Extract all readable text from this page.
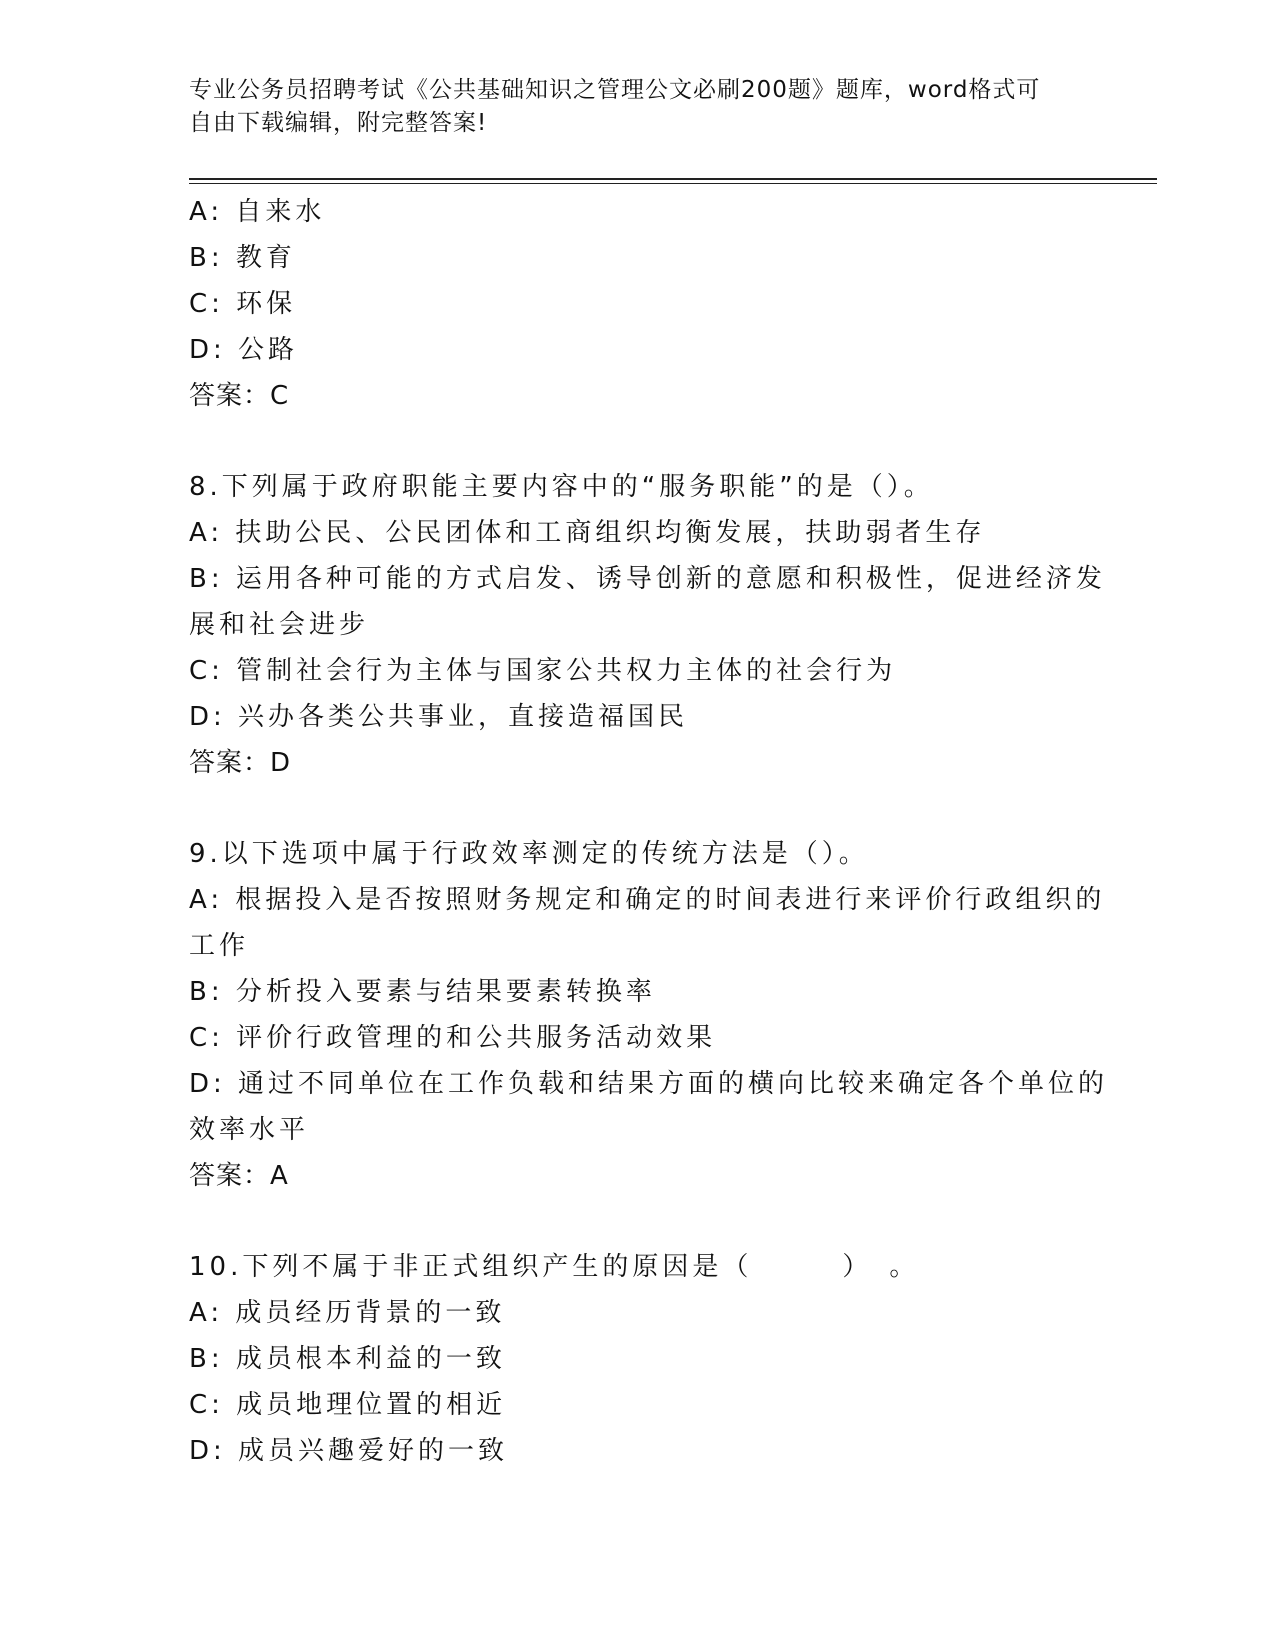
专业公务员招聘考试《公共基础知识之管理公文必刷200题》题库，word格式可
自由下载编辑，附完整答案!
A: 自来水
B: 教育
C: 环保
D: 公路
答案：C
8.下列属于政府职能主要内容中的“服务职能”的是（）。
A: 扶助公民、公民团体和工商组织均衡发展，扶助弱者生存
B: 运用各种可能的方式启发、诱导创新的意愿和积极性，促进经济发
展和社会进步
C: 管制社会行为主体与国家公共权力主体的社会行为
D: 兴办各类公共事业，直接造福国民
答案：D
9.以下选项中属于行政效率测定的传统方法是（）。
A: 根据投入是否按照财务规定和确定的时间表进行来评价行政组织的
工作
B: 分析投入要素与结果要素转换率
C: 评价行政管理的和公共服务活动效果
D: 通过不同单位在工作负载和结果方面的横向比较来确定各个单位的
效率水平
答案：A
10.下列不属于非正式组织产生的原因是（　　　）　。
A: 成员经历背景的一致
B: 成员根本利益的一致
C: 成员地理位置的相近
D: 成员兴趣爱好的一致
